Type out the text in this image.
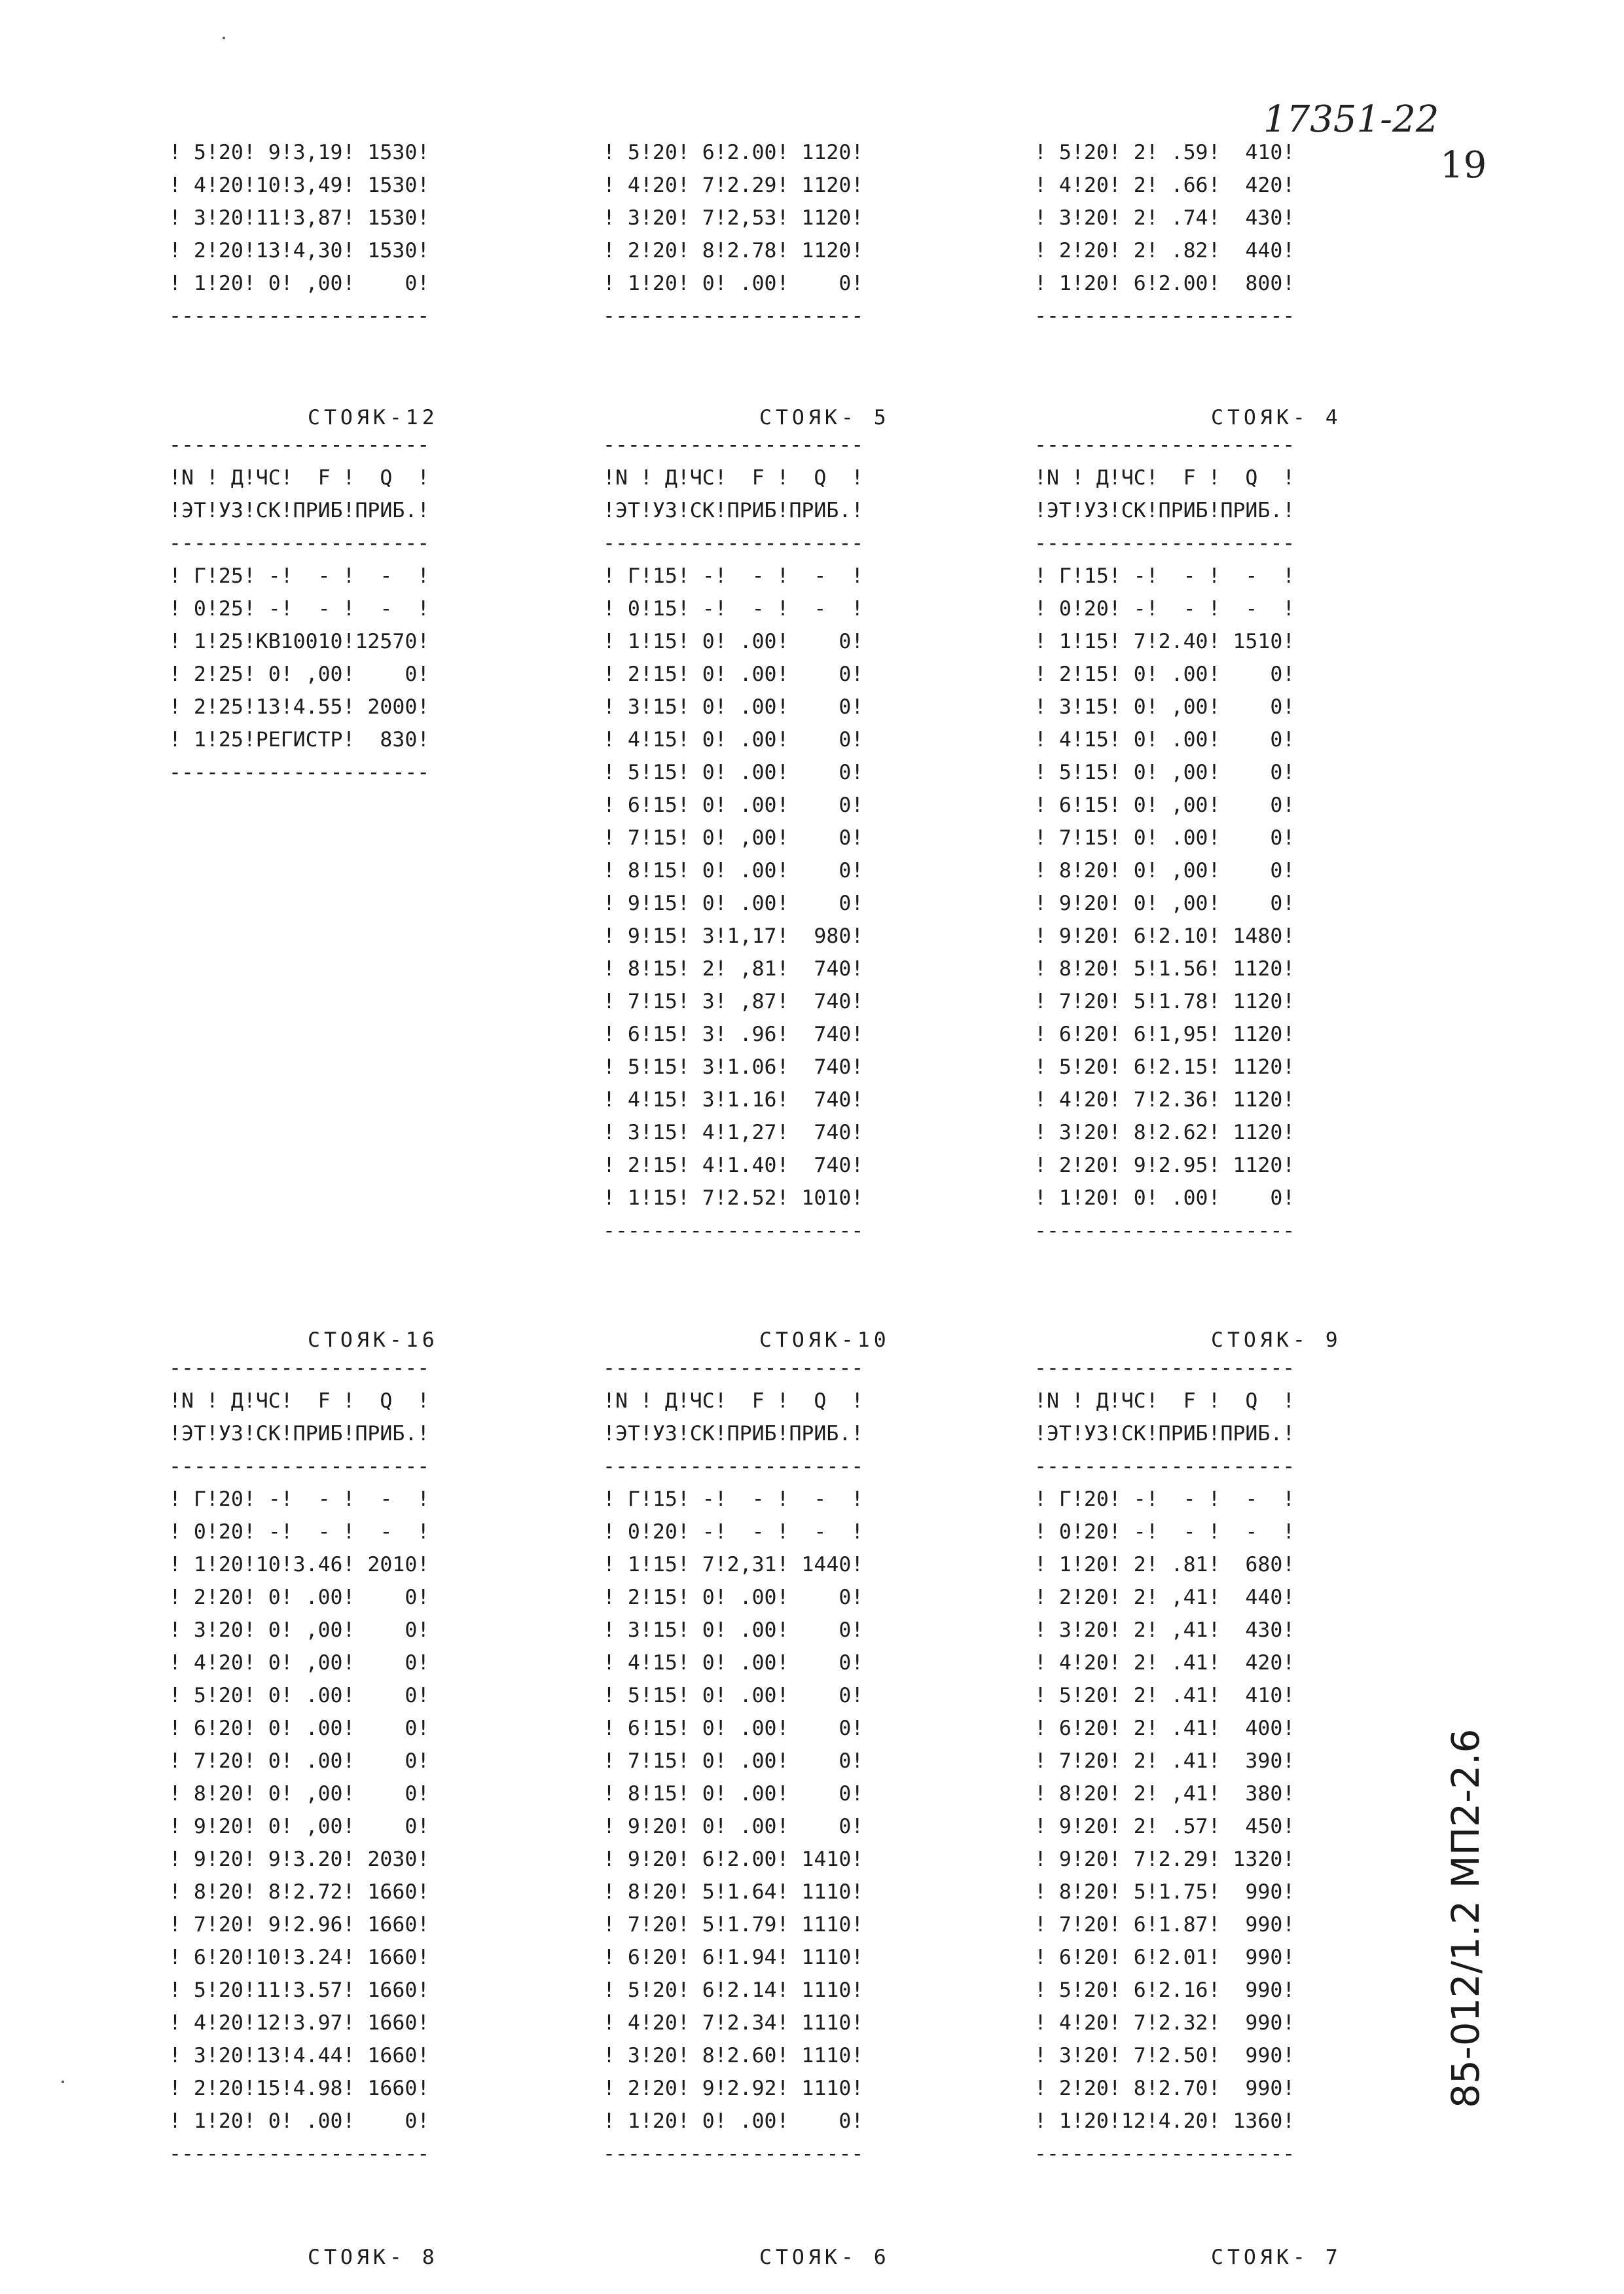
17351-22
19
85-012/1.2 МП2-2.6
! 5!20! 9!3,19! 1530!
! 4!20!10!3,49! 1530!
! 3!20!11!3,87! 1530!
! 2!20!13!4,30! 1530!
! 1!20! 0! ,00!    0!
---------------------
! 5!20! 6!2.00! 1120!
! 4!20! 7!2.29! 1120!
! 3!20! 7!2,53! 1120!
! 2!20! 8!2.78! 1120!
! 1!20! 0! .00!    0!
---------------------
! 5!20! 2! .59!  410!
! 4!20! 2! .66!  420!
! 3!20! 2! .74!  430!
! 2!20! 2! .82!  440!
! 1!20! 6!2.00!  800!
---------------------
СТОЯК-12	СТОЯК- 5	СТОЯК- 4
---------------------
!N ! Д!ЧС!  F !  Q  !
!ЭТ!УЗ!СК!ПРИБ!ПРИБ.!
---------------------
! Г!25! -!  - !  -  !
! 0!25! -!  - !  -  !
! 1!25!КВ10010!12570!
! 2!25! 0! ,00!    0!
! 2!25!13!4.55! 2000!
! 1!25!РЕГИСТР!  830!
---------------------
---------------------
!N ! Д!ЧС!  F !  Q  !
!ЭТ!УЗ!СК!ПРИБ!ПРИБ.!
---------------------
! Г!15! -!  - !  -  !
! 0!15! -!  - !  -  !
! 1!15! 0! .00!    0!
! 2!15! 0! .00!    0!
! 3!15! 0! .00!    0!
! 4!15! 0! .00!    0!
! 5!15! 0! .00!    0!
! 6!15! 0! .00!    0!
! 7!15! 0! ,00!    0!
! 8!15! 0! .00!    0!
! 9!15! 0! .00!    0!
! 9!15! 3!1,17!  980!
! 8!15! 2! ,81!  740!
! 7!15! 3! ,87!  740!
! 6!15! 3! .96!  740!
! 5!15! 3!1.06!  740!
! 4!15! 3!1.16!  740!
! 3!15! 4!1,27!  740!
! 2!15! 4!1.40!  740!
! 1!15! 7!2.52! 1010!
---------------------
---------------------
!N ! Д!ЧС!  F !  Q  !
!ЭТ!УЗ!СК!ПРИБ!ПРИБ.!
---------------------
! Г!15! -!  - !  -  !
! 0!20! -!  - !  -  !
! 1!15! 7!2.40! 1510!
! 2!15! 0! .00!    0!
! 3!15! 0! ,00!    0!
! 4!15! 0! .00!    0!
! 5!15! 0! ,00!    0!
! 6!15! 0! ,00!    0!
! 7!15! 0! .00!    0!
! 8!20! 0! ,00!    0!
! 9!20! 0! ,00!    0!
! 9!20! 6!2.10! 1480!
! 8!20! 5!1.56! 1120!
! 7!20! 5!1.78! 1120!
! 6!20! 6!1,95! 1120!
! 5!20! 6!2.15! 1120!
! 4!20! 7!2.36! 1120!
! 3!20! 8!2.62! 1120!
! 2!20! 9!2.95! 1120!
! 1!20! 0! .00!    0!
---------------------
СТОЯК-16	СТОЯК-10	СТОЯК- 9
---------------------
!N ! Д!ЧС!  F !  Q  !
!ЭТ!УЗ!СК!ПРИБ!ПРИБ.!
---------------------
! Г!20! -!  - !  -  !
! 0!20! -!  - !  -  !
! 1!20!10!3.46! 2010!
! 2!20! 0! .00!    0!
! 3!20! 0! ,00!    0!
! 4!20! 0! ,00!    0!
! 5!20! 0! .00!    0!
! 6!20! 0! .00!    0!
! 7!20! 0! .00!    0!
! 8!20! 0! ,00!    0!
! 9!20! 0! ,00!    0!
! 9!20! 9!3.20! 2030!
! 8!20! 8!2.72! 1660!
! 7!20! 9!2.96! 1660!
! 6!20!10!3.24! 1660!
! 5!20!11!3.57! 1660!
! 4!20!12!3.97! 1660!
! 3!20!13!4.44! 1660!
! 2!20!15!4.98! 1660!
! 1!20! 0! .00!    0!
---------------------
---------------------
!N ! Д!ЧС!  F !  Q  !
!ЭТ!УЗ!СК!ПРИБ!ПРИБ.!
---------------------
! Г!15! -!  - !  -  !
! 0!20! -!  - !  -  !
! 1!15! 7!2,31! 1440!
! 2!15! 0! .00!    0!
! 3!15! 0! .00!    0!
! 4!15! 0! .00!    0!
! 5!15! 0! .00!    0!
! 6!15! 0! .00!    0!
! 7!15! 0! .00!    0!
! 8!15! 0! .00!    0!
! 9!20! 0! .00!    0!
! 9!20! 6!2.00! 1410!
! 8!20! 5!1.64! 1110!
! 7!20! 5!1.79! 1110!
! 6!20! 6!1.94! 1110!
! 5!20! 6!2.14! 1110!
! 4!20! 7!2.34! 1110!
! 3!20! 8!2.60! 1110!
! 2!20! 9!2.92! 1110!
! 1!20! 0! .00!    0!
---------------------
---------------------
!N ! Д!ЧС!  F !  Q  !
!ЭТ!УЗ!СК!ПРИБ!ПРИБ.!
---------------------
! Г!20! -!  - !  -  !
! 0!20! -!  - !  -  !
! 1!20! 2! .81!  680!
! 2!20! 2! ,41!  440!
! 3!20! 2! ,41!  430!
! 4!20! 2! .41!  420!
! 5!20! 2! .41!  410!
! 6!20! 2! .41!  400!
! 7!20! 2! .41!  390!
! 8!20! 2! ,41!  380!
! 9!20! 2! .57!  450!
! 9!20! 7!2.29! 1320!
! 8!20! 5!1.75!  990!
! 7!20! 6!1.87!  990!
! 6!20! 6!2.01!  990!
! 5!20! 6!2.16!  990!
! 4!20! 7!2.32!  990!
! 3!20! 7!2.50!  990!
! 2!20! 8!2.70!  990!
! 1!20!12!4.20! 1360!
---------------------
СТОЯК- 8	СТОЯК- 6	СТОЯК- 7
